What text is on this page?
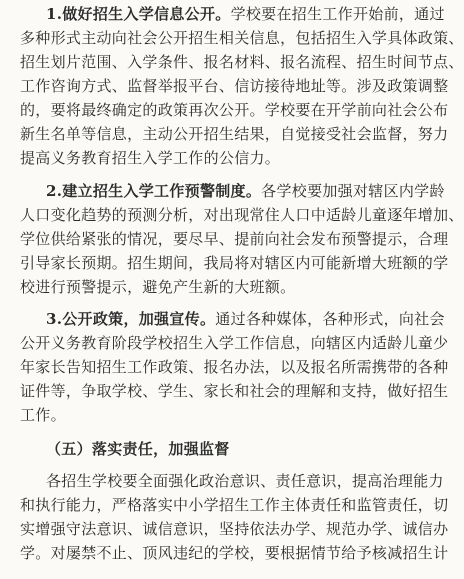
1.做好招生入学信息公开。学校要在招生工作开始前，通过
多种形式主动向社会公开招生相关信息，包括招生入学具体政策、
招生划片范围、入学条件、报名材料、报名流程、招生时间节点、
工作咨询方式、监督举报平台、信访接待地址等。涉及政策调整
的，要将最终确定的政策再次公开。学校要在开学前向社会公布
新生名单等信息，主动公开招生结果，自觉接受社会监督，努力
提高义务教育招生入学工作的公信力。
2.建立招生入学工作预警制度。各学校要加强对辖区内学龄
人口变化趋势的预测分析，对出现常住人口中适龄儿童逐年增加、
学位供给紧张的情况，要尽早、提前向社会发布预警提示，合理
引导家长预期。招生期间，我局将对辖区内可能新增大班额的学
校进行预警提示，避免产生新的大班额。
3.公开政策，加强宣传。通过各种媒体，各种形式，向社会
公开义务教育阶段学校招生入学工作信息，向辖区内适龄儿童少
年家长告知招生工作政策、报名办法，以及报名所需携带的各种
证件等，争取学校、学生、家长和社会的理解和支持，做好招生
工作。
（五）落实责任，加强监督
各招生学校要全面强化政治意识、责任意识，提高治理能力
和执行能力，严格落实中小学招生工作主体责任和监管责任，切
实增强守法意识、诚信意识，坚持依法办学、规范办学、诚信办
学。对屡禁不止、顶风违纪的学校，要根据情节给予核减招生计
